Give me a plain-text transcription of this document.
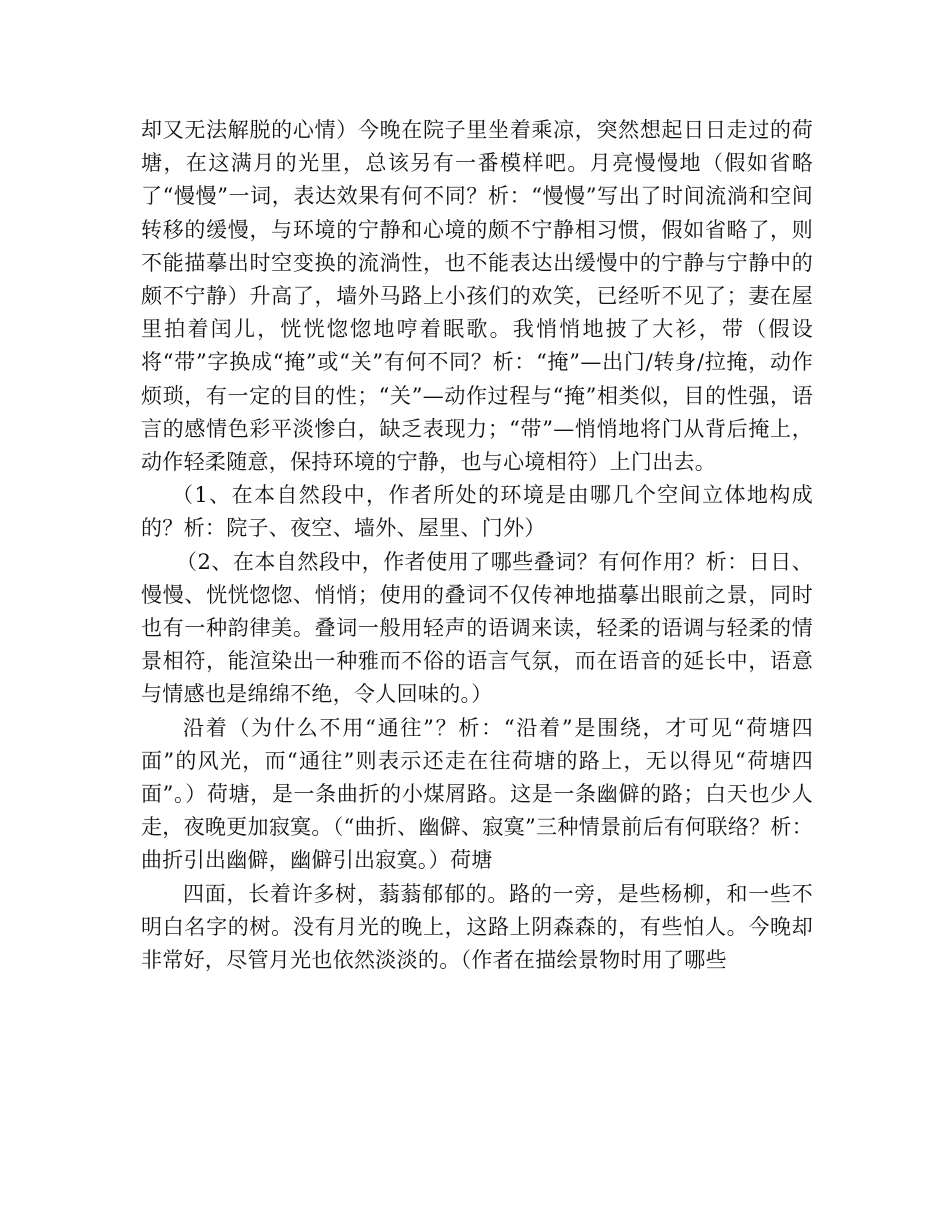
却又无法解脱的心情）今晚在院子里坐着乘凉，突然想起日日走过的荷塘，在这满月的光里，总该另有一番模样吧。月亮慢慢地（假如省略了“慢慢”一词，表达效果有何不同？析：“慢慢”写出了时间流淌和空间转移的缓慢，与环境的宁静和心境的颇不宁静相习惯，假如省略了，则不能描摹出时空变换的流淌性，也不能表达出缓慢中的宁静与宁静中的颇不宁静）升高了，墙外马路上小孩们的欢笑，已经听不见了；妻在屋里拍着闰儿，恍恍惚惚地哼着眠歌。我悄悄地披了大衫，带（假设将“带”字换成“掩”或“关”有何不同？析：“掩”—出门/转身/拉掩，动作烦琐，有一定的目的性；“关”—动作过程与“掩”相类似，目的性强，语言的感情色彩平淡惨白，缺乏表现力；“带”—悄悄地将门从背后掩上，动作轻柔随意，保持环境的宁静，也与心境相符）上门出去。

（1、在本自然段中，作者所处的环境是由哪几个空间立体地构成的？析：院子、夜空、墙外、屋里、门外）

（2、在本自然段中，作者使用了哪些叠词？有何作用？析：日日、慢慢、恍恍惚惚、悄悄；使用的叠词不仅传神地描摹出眼前之景，同时也有一种韵律美。叠词一般用轻声的语调来读，轻柔的语调与轻柔的情景相符，能渲染出一种雅而不俗的语言气氛，而在语音的延长中，语意与情感也是绵绵不绝，令人回味的。）

沿着（为什么不用“通往”？析：“沿着”是围绕，才可见“荷塘四面”的风光，而“通往”则表示还走在往荷塘的路上，无以得见“荷塘四面”。）荷塘，是一条曲折的小煤屑路。这是一条幽僻的路；白天也少人走，夜晚更加寂寞。（“曲折、幽僻、寂寞”三种情景前后有何联络？析：曲折引出幽僻，幽僻引出寂寞。）荷塘

四面，长着许多树，蓊蓊郁郁的。路的一旁，是些杨柳，和一些不明白名字的树。没有月光的晚上，这路上阴森森的，有些怕人。今晚却非常好，尽管月光也依然淡淡的。（作者在描绘景物时用了哪些
